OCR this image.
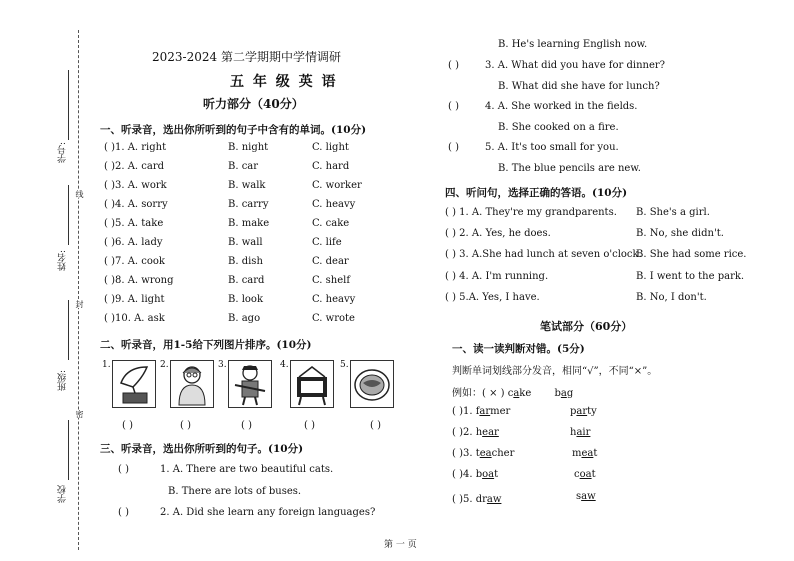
学号:
姓名:
班级:
学校
线
封
密
2023-2024 第二学期期中学情调研
五 年 级 英 语
听力部分（40分）
一、听录音，选出你所听到的句子中含有的单词。(10分)
( )1. A. right	B. night	C. light
( )2. A. card	B. car	C. hard
( )3. A. work	B. walk	C. worker
( )4. A. sorry	B. carry	C. heavy
( )5. A. take	B. make	C. cake
( )6. A. lady	B. wall	C. life
( )7. A. cook	B. dish	C. dear
( )8. A. wrong	B. card	C. shelf
( )9. A. light	B. look	C. heavy
( )10. A. ask	B. ago	C. wrote
二、听录音，用1-5给下列图片排序。(10分)
1.	2.	3.	4.	5.
( )	( )	( )	( )	( )
三、听录音，选出你所听到的句子。(10分)
( )	1. A. There are two beautiful cats.
B. There are lots of buses.
( )	2. A. Did she learn any foreign languages?
B. He's learning English now.
( )	3. A. What did you have for dinner?
B. What did she have for lunch?
( )	4. A. She worked in the fields.
B. She cooked on a fire.
( )	5. A. It's too small for you.
B. The blue pencils are new.
四、听问句，选择正确的答语。(10分)
( ) 1. A. They're my grandparents. B. She's a girl.
( ) 2. A. Yes, he does.	B. No, she didn't.
( ) 3. A.She had lunch at seven o'clock.
B. She had some rice.
( ) 4. A. I'm running.	B. I went to the park.
( ) 5.A. Yes, I have.	B. No, I don't.
笔试部分（60分）
一、读一读判断对错。(5分)
判断单词划线部分发音，相同“√”，不同“×”。
例如：( × ) cake bag
( )1. farmer	party
( )2. hear	hair
( )3. teacher	meat
( )4. boat	coat
( )5. draw	saw
第 一 页
